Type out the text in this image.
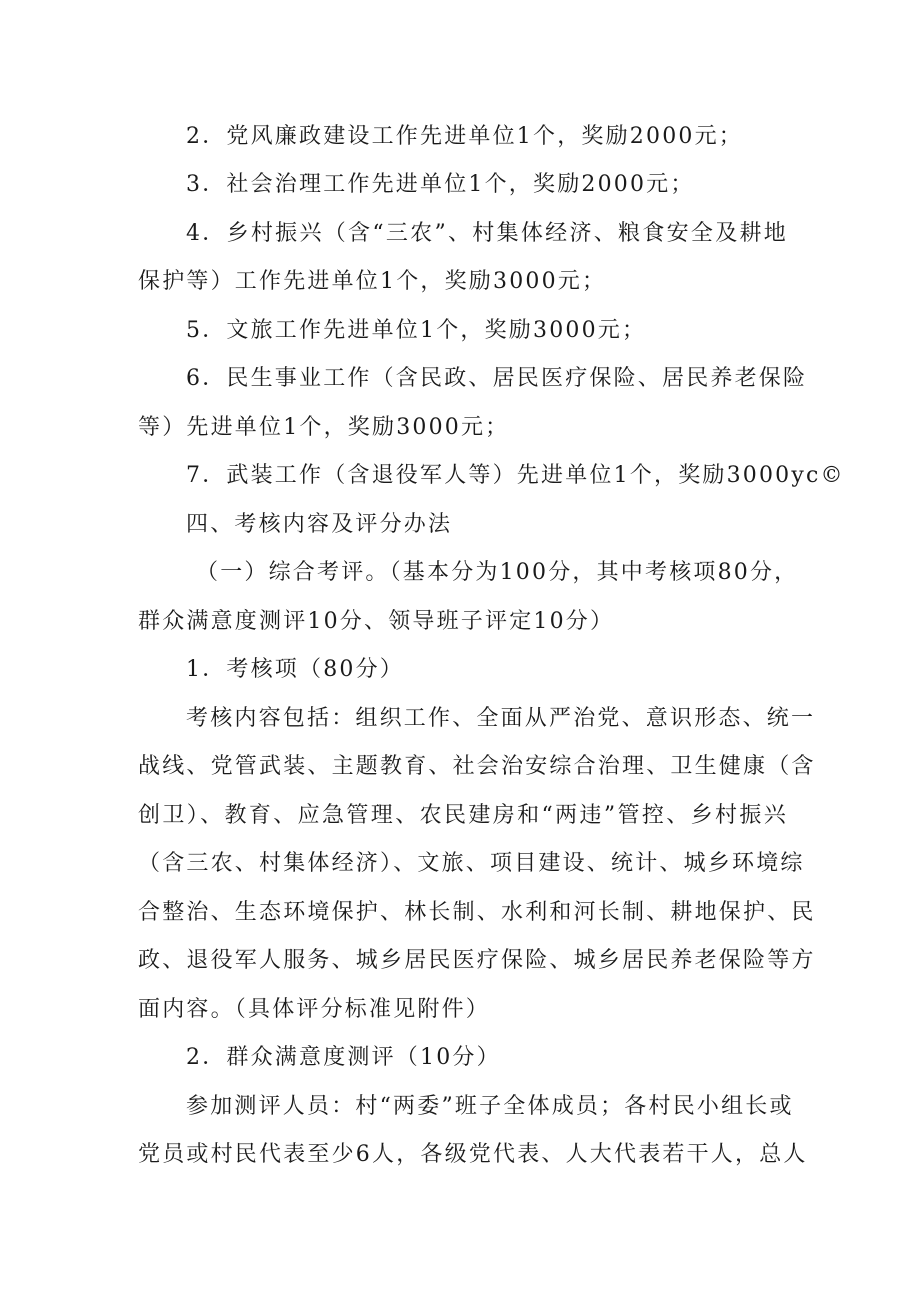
2．党风廉政建设工作先进单位1个，奖励2000元；
3．社会治理工作先进单位1个，奖励2000元；
4．乡村振兴（含“三农”、村集体经济、粮食安全及耕地
保护等）工作先进单位1个，奖励3000元；
5．文旅工作先进单位1个，奖励3000元；
6．民生事业工作（含民政、居民医疗保险、居民养老保险
等）先进单位1个，奖励3000元；
7．武装工作（含退役军人等）先进单位1个，奖励3000yc©
四、考核内容及评分办法
（一）综合考评。（基本分为100分，其中考核项80分，
群众满意度测评10分、领导班子评定10分）
1．考核项（80分）
考核内容包括：组织工作、全面从严治党、意识形态、统一
战线、党管武装、主题教育、社会治安综合治理、卫生健康（含
创卫）、教育、应急管理、农民建房和“两违”管控、乡村振兴
（含三农、村集体经济）、文旅、项目建设、统计、城乡环境综
合整治、生态环境保护、林长制、水利和河长制、耕地保护、民
政、退役军人服务、城乡居民医疗保险、城乡居民养老保险等方
面内容。（具体评分标准见附件）
2．群众满意度测评（10分）
参加测评人员：村“两委”班子全体成员；各村民小组长或
党员或村民代表至少6人，各级党代表、人大代表若干人，总人
